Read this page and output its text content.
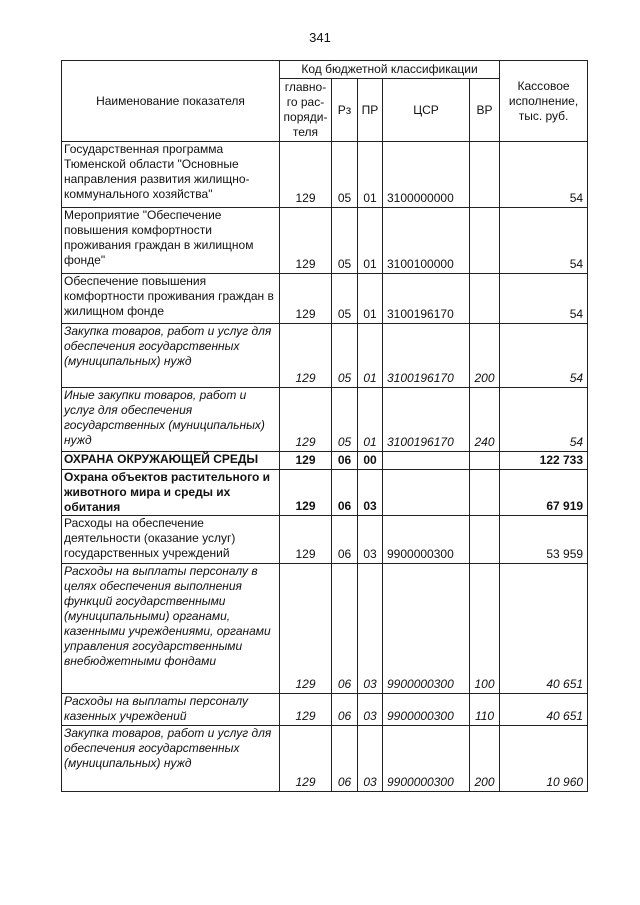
341
Наименование показателя	Код бюджетной классификации					Кассовое исполнение, тыс. руб.
	главно-го рас-поряди-теля	Рз	ПР	ЦСР	ВР	
Государственная программа Тюменской области "Основные направления развития жилищно-коммунального хозяйства"	129	05	01	3100000000		54
Мероприятие "Обеспечение повышения комфортности проживания граждан в жилищном фонде"	129	05	01	3100100000		54
Обеспечение повышения комфортности проживания граждан в жилищном фонде	129	05	01	3100196170		54
Закупка товаров, работ и услуг для обеспечения государственных (муниципальных) нужд	129	05	01	3100196170	200	54
Иные закупки товаров, работ и услуг для обеспечения государственных (муниципальных) нужд	129	05	01	3100196170	240	54
ОХРАНА ОКРУЖАЮЩЕЙ СРЕДЫ	129	06	00			122 733
Охрана объектов растительного и животного мира и среды их обитания	129	06	03			67 919
Расходы на обеспечение деятельности (оказание услуг) государственных учреждений	129	06	03	9900000300		53 959
Расходы на выплаты персоналу в целях обеспечения выполнения функций государственными (муниципальными) органами, казенными учреждениями, органами управления государственными внебюджетными фондами	129	06	03	9900000300	100	40 651
Расходы на выплаты персоналу казенных учреждений	129	06	03	9900000300	110	40 651
Закупка товаров, работ и услуг для обеспечения государственных (муниципальных) нужд	129	06	03	9900000300	200	10 960
